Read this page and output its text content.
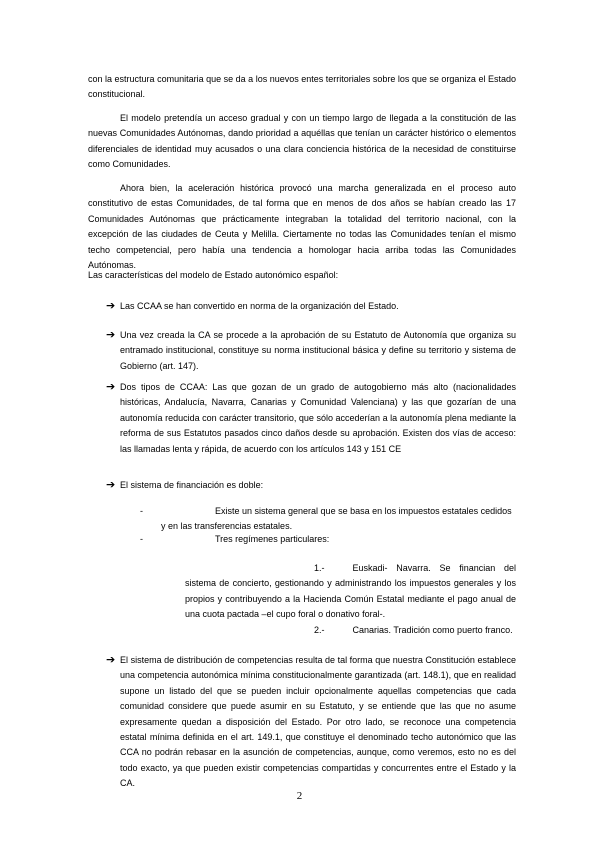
con la estructura comunitaria que se da a los nuevos entes territoriales sobre los que se organiza el Estado constitucional.

El modelo pretendía un acceso gradual y con un tiempo largo de llegada a la constitución de las nuevas Comunidades Autónomas, dando prioridad a aquéllas que tenían un carácter histórico o elementos diferenciales de identidad muy acusados o una clara conciencia histórica de la necesidad de constituirse como Comunidades.

Ahora bien, la aceleración histórica provocó una marcha generalizada en el proceso auto constitutivo de estas Comunidades, de tal forma que en menos de dos años se habían creado las 17 Comunidades Autónomas que prácticamente integraban la totalidad del territorio nacional, con la excepción de las ciudades de Ceuta y Melilla. Ciertamente no todas las Comunidades tenían el mismo techo competencial, pero había una tendencia a homologar hacia arriba todas las Comunidades Autónomas.

Las características del modelo de Estado autonómico español:

➔ Las CCAA se han convertido en norma de la organización del Estado.

➔ Una vez creada la CA se procede a la aprobación de su Estatuto de Autonomía que organiza su entramado institucional, constituye su norma institucional básica y define su territorio y sistema de Gobierno (art. 147).

➔ Dos tipos de CCAA: Las que gozan de un grado de autogobierno más alto (nacionalidades históricas, Andalucía, Navarra, Canarias y Comunidad Valenciana) y las que gozarían de una autonomía reducida con carácter transitorio, que sólo accederían a la autonomía plena mediante la reforma de sus Estatutos pasados cinco daños desde su aprobación. Existen dos vías de acceso: las llamadas lenta y rápida, de acuerdo con los artículos 143 y 151 CE

➔ El sistema de financiación es doble:

-	Existe un sistema general que se basa en los impuestos estatales cedidos y en las transferencias estatales.

-	Tres regímenes particulares:

1.-	Euskadi- Navarra. Se financian del sistema de concierto, gestionando y administrando los impuestos generales y los propios y contribuyendo a la Hacienda Común Estatal mediante el pago anual de una cuota pactada –el cupo foral o donativo foral-.

2.-	Canarias. Tradición como puerto franco.

➔ El sistema de distribución de competencias resulta de tal forma que nuestra Constitución establece una competencia autonómica mínima constitucionalmente garantizada (art. 148.1), que en realidad supone un listado del que se pueden incluir opcionalmente aquellas competencias que cada comunidad considere que puede asumir en su Estatuto, y se entiende que las que no asume expresamente quedan a disposición del Estado. Por otro lado, se reconoce una competencia estatal mínima definida en el art. 149.1, que constituye el denominado techo autonómico que las CCA no podrán rebasar en la asunción de competencias, aunque, como veremos, esto no es del todo exacto, ya que pueden existir competencias compartidas y concurrentes entre el Estado y la CA.

2
